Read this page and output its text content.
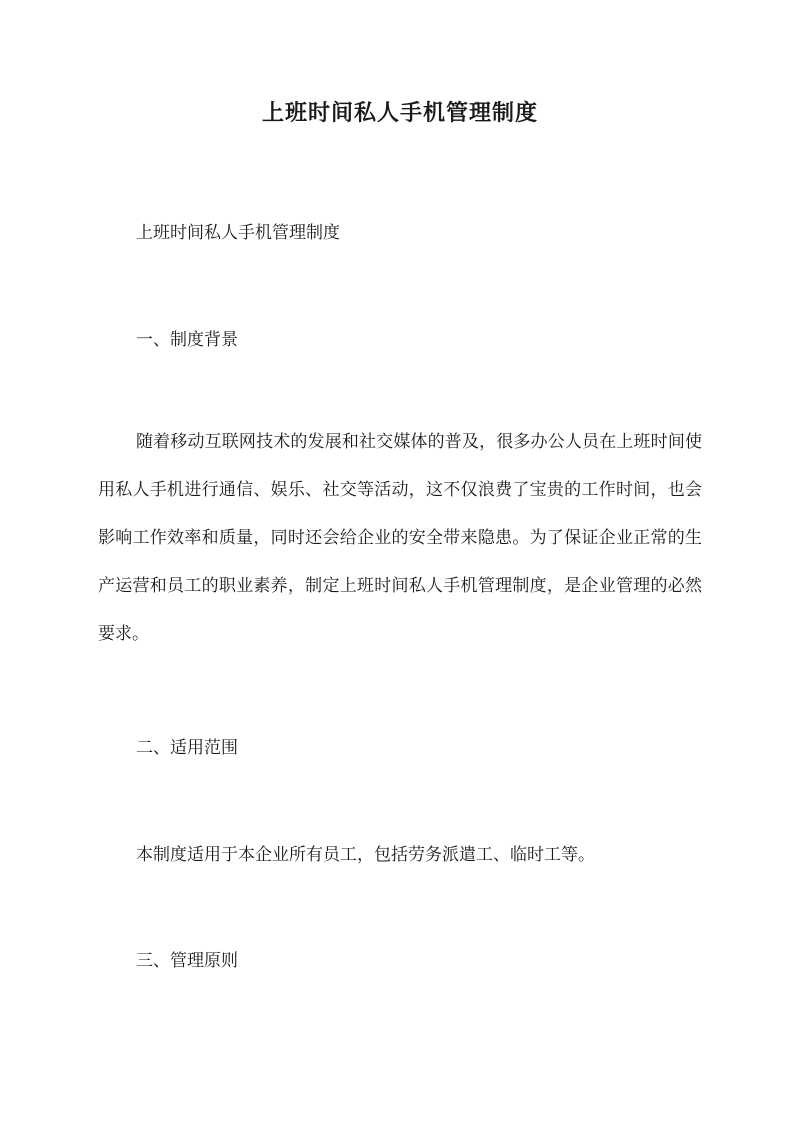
上班时间私人手机管理制度

上班时间私人手机管理制度

一、制度背景

随着移动互联网技术的发展和社交媒体的普及，很多办公人员在上班时间使用私人手机进行通信、娱乐、社交等活动，这不仅浪费了宝贵的工作时间，也会影响工作效率和质量，同时还会给企业的安全带来隐患。为了保证企业正常的生产运营和员工的职业素养，制定上班时间私人手机管理制度，是企业管理的必然要求。

二、适用范围

本制度适用于本企业所有员工，包括劳务派遣工、临时工等。

三、管理原则
